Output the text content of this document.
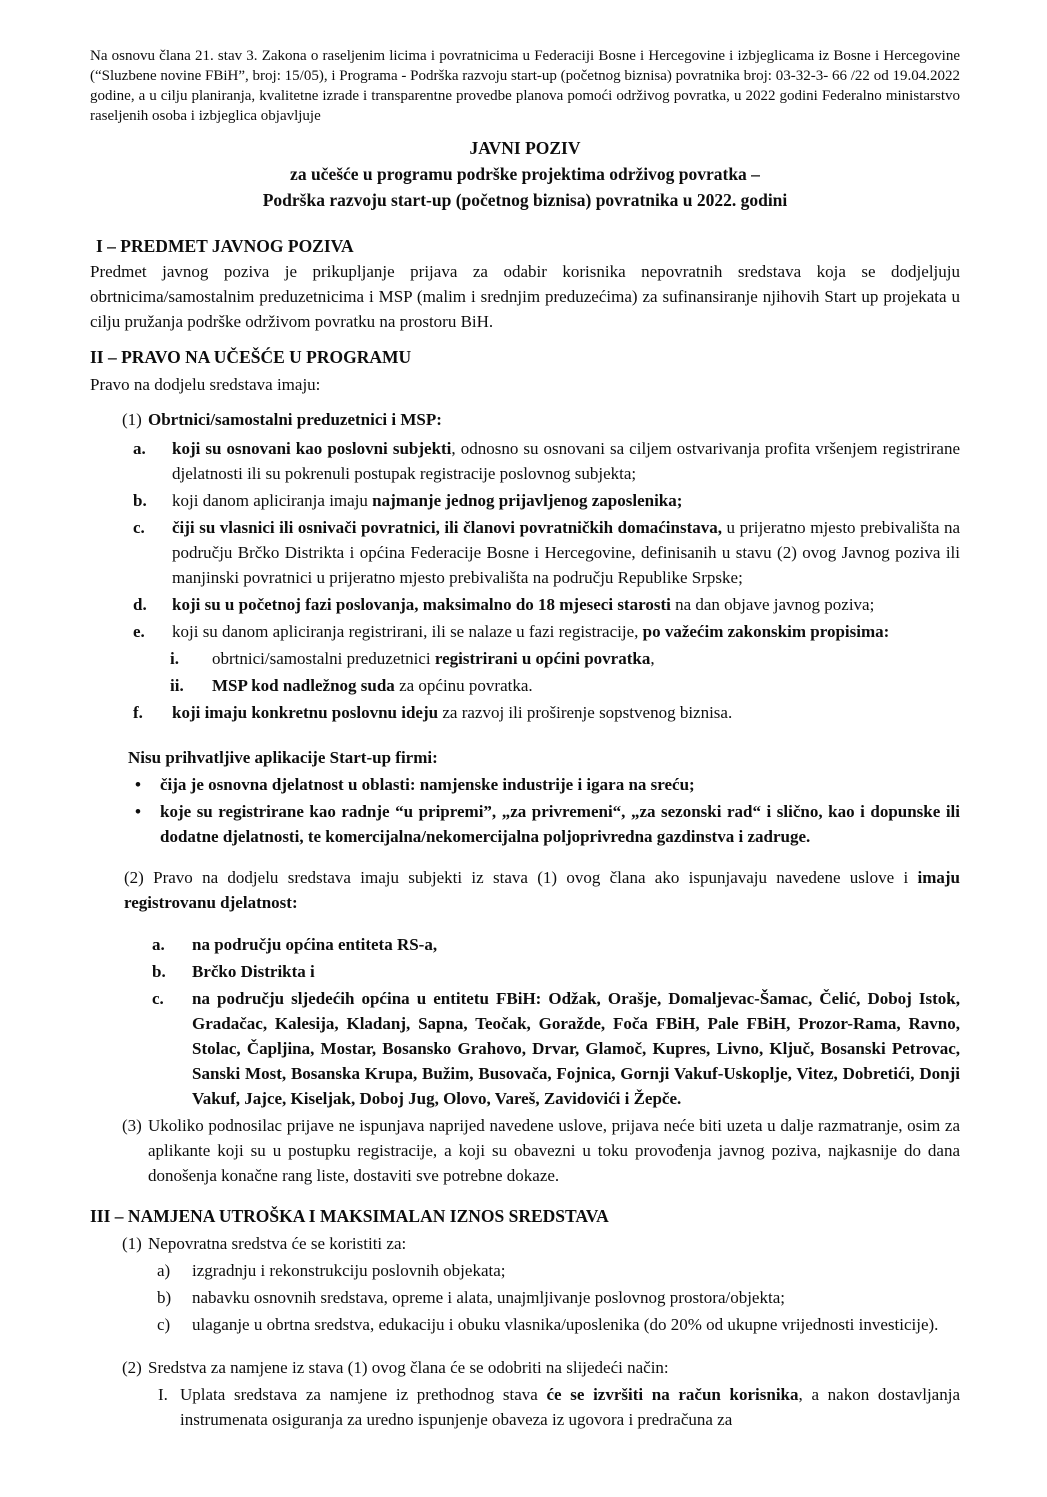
Na osnovu člana 21. stav 3. Zakona o raseljenim licima i povratnicima u Federaciji Bosne i Hercegovine i izbjeglicama iz Bosne i Hercegovine (“Sluzbene novine FBiH”, broj: 15/05), i Programa - Podrška razvoju start-up (početnog biznisa) povratnika broj: 03-32-3- 66 /22 od 19.04.2022 godine, a u cilju planiranja, kvalitetne izrade i transparentne provedbe planova pomoći održivog povratka, u 2022 godini Federalno ministarstvo raseljenih osoba i izbjeglica objavljuje

JAVNI POZIV
za učešće u programu podrške projektima održivog povratka –
Podrška razvoju start-up (početnog biznisa) povratnika u 2022. godini
I – PREDMET JAVNOG POZIVA

Predmet javnog poziva je prikupljanje prijava za odabir korisnika nepovratnih sredstava koja se dodjeljuju obrtnicima/samostalnim preduzetnicima i MSP (malim i srednjim preduzećima) za sufinansiranje njihovih Start up projekata u cilju pružanja podrške održivom povratku na prostoru BiH.

II – PRAVO NA UČEŠĆE U PROGRAMU

Pravo na dodjelu sredstava imaju:

(1) Obrtnici/samostalni preduzetnici i MSP:
a.	koji su osnovani kao poslovni subjekti, odnosno su osnovani sa ciljem ostvarivanja profita vršenjem registrirane djelatnosti ili su pokrenuli postupak registracije poslovnog subjekta;
b.	koji danom apliciranja imaju najmanje jednog prijavljenog zaposlenika;
c.	čiji su vlasnici ili osnivači povratnici, ili članovi povratničkih domaćinstava, u prijeratno mjesto prebivališta na području Brčko Distrikta i općina Federacije Bosne i Hercegovine, definisanih u stavu (2) ovog Javnog poziva ili manjinski povratnici u prijeratno mjesto prebivališta na području Republike Srpske;
d.	koji su u početnoj fazi poslovanja, maksimalno do 18 mjeseci starosti na dan objave javnog poziva;
e.	koji su danom apliciranja registrirani, ili se nalaze u fazi registracije, po važećim zakonskim propisima:
i.	obrtnici/samostalni preduzetnici registrirani u općini povratka,
ii.	MSP kod nadležnog suda za općinu povratka.
f.	koji imaju konkretnu poslovnu ideju za razvoj ili proširenje sopstvenog biznisa.
Nisu prihvatljive aplikacije Start-up firmi:
•	čija je osnovna djelatnost u oblasti: namjenske industrije i igara na sreću;
•	koje su registrirane kao radnje “u pripremi”, „za privremeni“, „za sezonski rad“ i slično, kao i dopunske ili dodatne djelatnosti, te komercijalna/nekomercijalna poljoprivredna gazdinstva i zadruge.

(2) Pravo na dodjelu sredstava imaju subjekti iz stava (1) ovog člana ako ispunjavaju navedene uslove i imaju registrovanu djelatnost:

a.	na području općina entiteta RS-a,
b.	Brčko Distrikta i
c.	na području sljedećih općina u entitetu FBiH: Odžak, Orašje, Domaljevac-Šamac, Čelić, Doboj Istok, Gradačac, Kalesija, Kladanj, Sapna, Teočak, Goražde, Foča FBiH, Pale FBiH, Prozor-Rama, Ravno, Stolac, Čapljina, Mostar, Bosansko Grahovo, Drvar, Glamoč, Kupres, Livno, Ključ, Bosanski Petrovac, Sanski Most, Bosanska Krupa, Bužim, Busovača, Fojnica, Gornji Vakuf-Uskoplje, Vitez, Dobretići, Donji Vakuf, Jajce, Kiseljak, Doboj Jug, Olovo, Vareš, Zavidovići i Žepče.
(3) Ukoliko podnosilac prijave ne ispunjava naprijed navedene uslove, prijava neće biti uzeta u dalje razmatranje, osim za aplikante koji su u postupku registracije, a koji su obavezni u toku provođenja javnog poziva, najkasnije do dana donošenja konačne rang liste, dostaviti sve potrebne dokaze.
III – NAMJENA UTROŠKA I MAKSIMALAN IZNOS SREDSTAVA
(1) Nepovratna sredstva će se koristiti za:
a)	izgradnju i rekonstrukciju poslovnih objekata;
b)	nabavku osnovnih sredstava, opreme i alata, unajmljivanje poslovnog prostora/objekta;
c)	ulaganje u obrtna sredstva, edukaciju i obuku vlasnika/uposlenika (do 20% od ukupne vrijednosti investicije).
(2) Sredstva za namjene iz stava (1) ovog člana će se odobriti na slijedeći način:
I. Uplata sredstava za namjene iz prethodnog stava će se izvršiti na račun korisnika, a nakon dostavljanja instrumenata osiguranja za uredno ispunjenje obaveza iz ugovora i predračuna za
